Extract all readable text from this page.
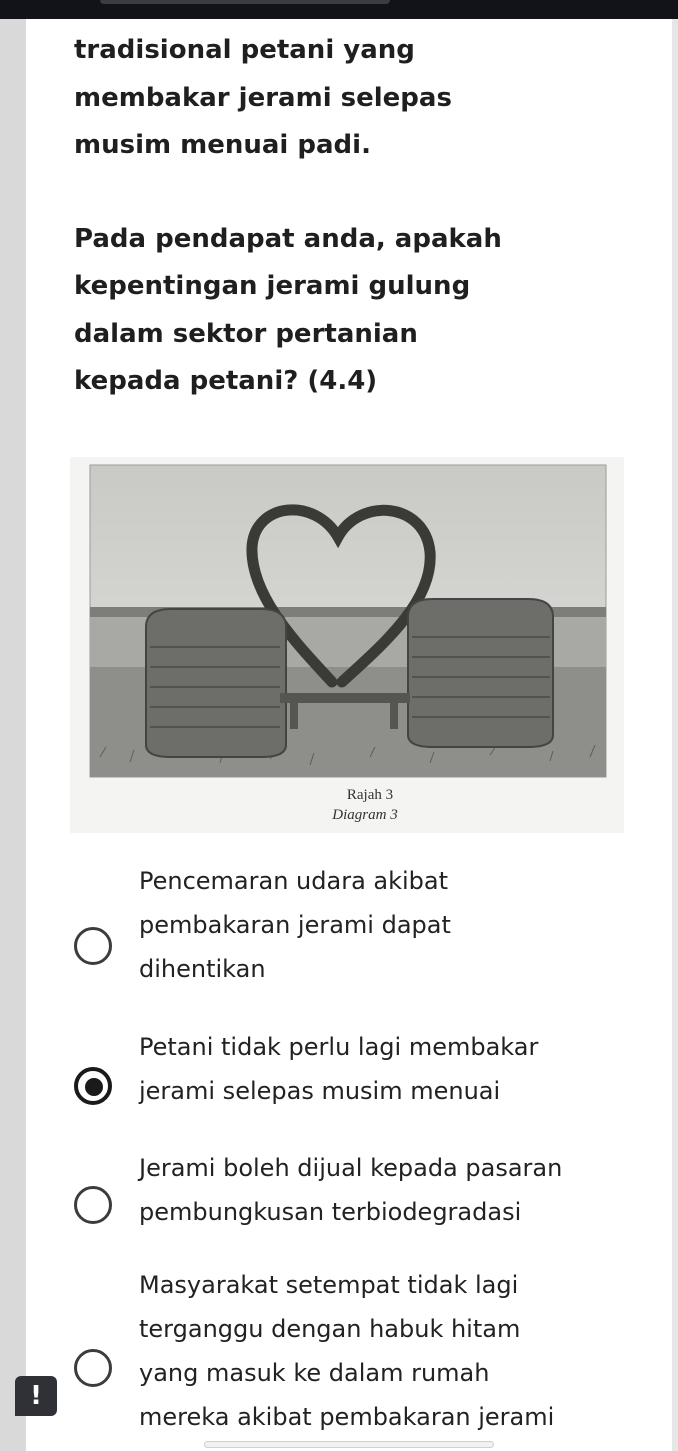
tradisional petani yang

membakar jerami selepas

musim menuai padi.

Pada pendapat anda, apakah

kepentingan jerami gulung

dalam sektor pertanian

kepada petani? (4.4)

Rajah 3
Diagram 3
Pencemaran udara akibat
pembakaran jerami dapat
dihentikan
Petani tidak perlu lagi membakar
jerami selepas musim menuai
Jerami boleh dijual kepada pasaran
pembungkusan terbiodegradasi
Masyarakat setempat tidak lagi
terganggu dengan habuk hitam
yang masuk ke dalam rumah
mereka akibat pembakaran jerami
!
